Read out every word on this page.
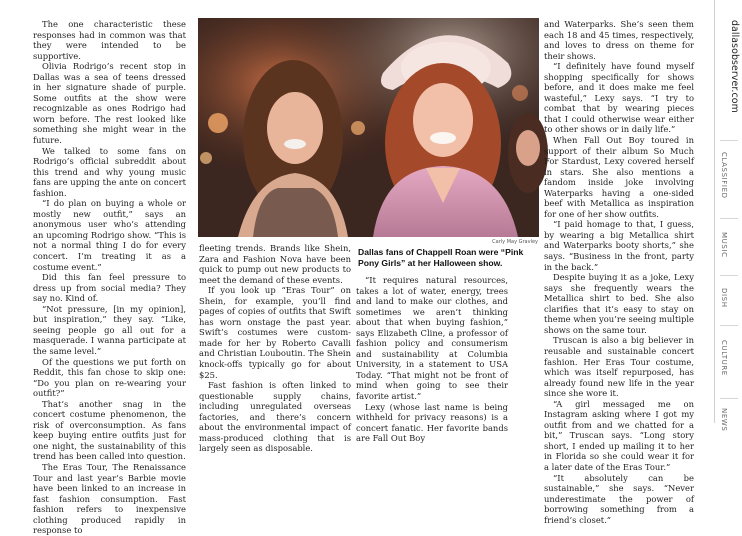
The one characteristic these responses had in common was that they were intended to be supportive.

Olivia Rodrigo’s recent stop in Dallas was a sea of teens dressed in her signature shade of purple. Some outfits at the show were recognizable as ones Rodrigo had worn before. The rest looked like something she might wear in the future.

We talked to some fans on Rodrigo’s official subreddit about this trend and why young music fans are upping the ante on concert fashion.

“I do plan on buying a whole or mostly new outfit,” says an anonymous user who’s attending an upcoming Rodrigo show. “This is not a normal thing I do for every concert. I’m treating it as a costume event.”

Did this fan feel pressure to dress up from social media? They say no. Kind of.

“Not pressure, [in my opinion], but inspiration,” they say. “Like, seeing people go all out for a masquerade. I wanna participate at the same level.”

Of the questions we put forth on Reddit, this fan chose to skip one: “Do you plan on re-wearing your outfit?”

That’s another snag in the concert costume phenomenon, the risk of overconsumption. As fans keep buying entire outfits just for one night, the sustainability of this trend has been called into question.

The Eras Tour, The Renaissance Tour and last year’s Barbie movie have been linked to an increase in fast fashion consumption. Fast fashion refers to inexpensive clothing produced rapidly in response to

Carly May Gravley
Dallas fans of Chappell Roan were “Pink Pony Girls” at her Halloween show.

fleeting trends. Brands like Shein, Zara and Fashion Nova have been quick to pump out new products to meet the demand of these events.

If you look up “Eras Tour” on Shein, for example, you’ll find pages of copies of outfits that Swift has worn onstage the past year. Swift’s costumes were custom-made for her by Roberto Cavalli and Christian Louboutin. The Shein knock-offs typically go for about $25.

Fast fashion is often linked to questionable supply chains, including unregulated overseas factories, and there’s concern about the environmental impact of mass-produced clothing that is largely seen as disposable.

“It requires natural resources, takes a lot of water, energy, trees and land to make our clothes, and sometimes we aren’t thinking about that when buying fashion,” says Elizabeth Cline, a professor of fashion policy and consumerism and sustainability at Columbia University, in a statement to USA Today. “That might not be front of mind when going to see their favorite artist.”

Lexy (whose last name is being withheld for privacy reasons) is a concert fanatic. Her favorite bands are Fall Out Boy

and Waterparks. She’s seen them each 18 and 45 times, respectively, and loves to dress on theme for their shows.

“I definitely have found myself shopping specifically for shows before, and it does make me feel wasteful,” Lexy says. “I try to combat that by wearing pieces that I could otherwise wear either to other shows or in daily life.”

When Fall Out Boy toured in support of their album So Much For Stardust, Lexy covered herself in stars. She also mentions a fandom inside joke involving Waterparks having a one-sided beef with Metallica as inspiration for one of her show outfits.

“I paid homage to that, I guess, by wearing a big Metallica shirt and Waterparks booty shorts,” she says. “Business in the front, party in the back.”

Despite buying it as a joke, Lexy says she frequently wears the Metallica shirt to bed. She also clarifies that it’s easy to stay on theme when you’re seeing multiple shows on the same tour.

Truscan is also a big believer in reusable and sustainable concert fashion. Her Eras Tour costume, which was itself repurposed, has already found new life in the year since she wore it.

“A girl messaged me on Instagram asking where I got my outfit from and we chatted for a bit,” Truscan says. “Long story short, I ended up mailing it to her in Florida so she could wear it for a later date of the Eras Tour.”

“It absolutely can be sustainable,” she says. “Never underestimate the power of borrowing something from a friend’s closet.”

dallasobserver.com
CLASSIFIED
MUSIC
DISH
CULTURE
NEWS
